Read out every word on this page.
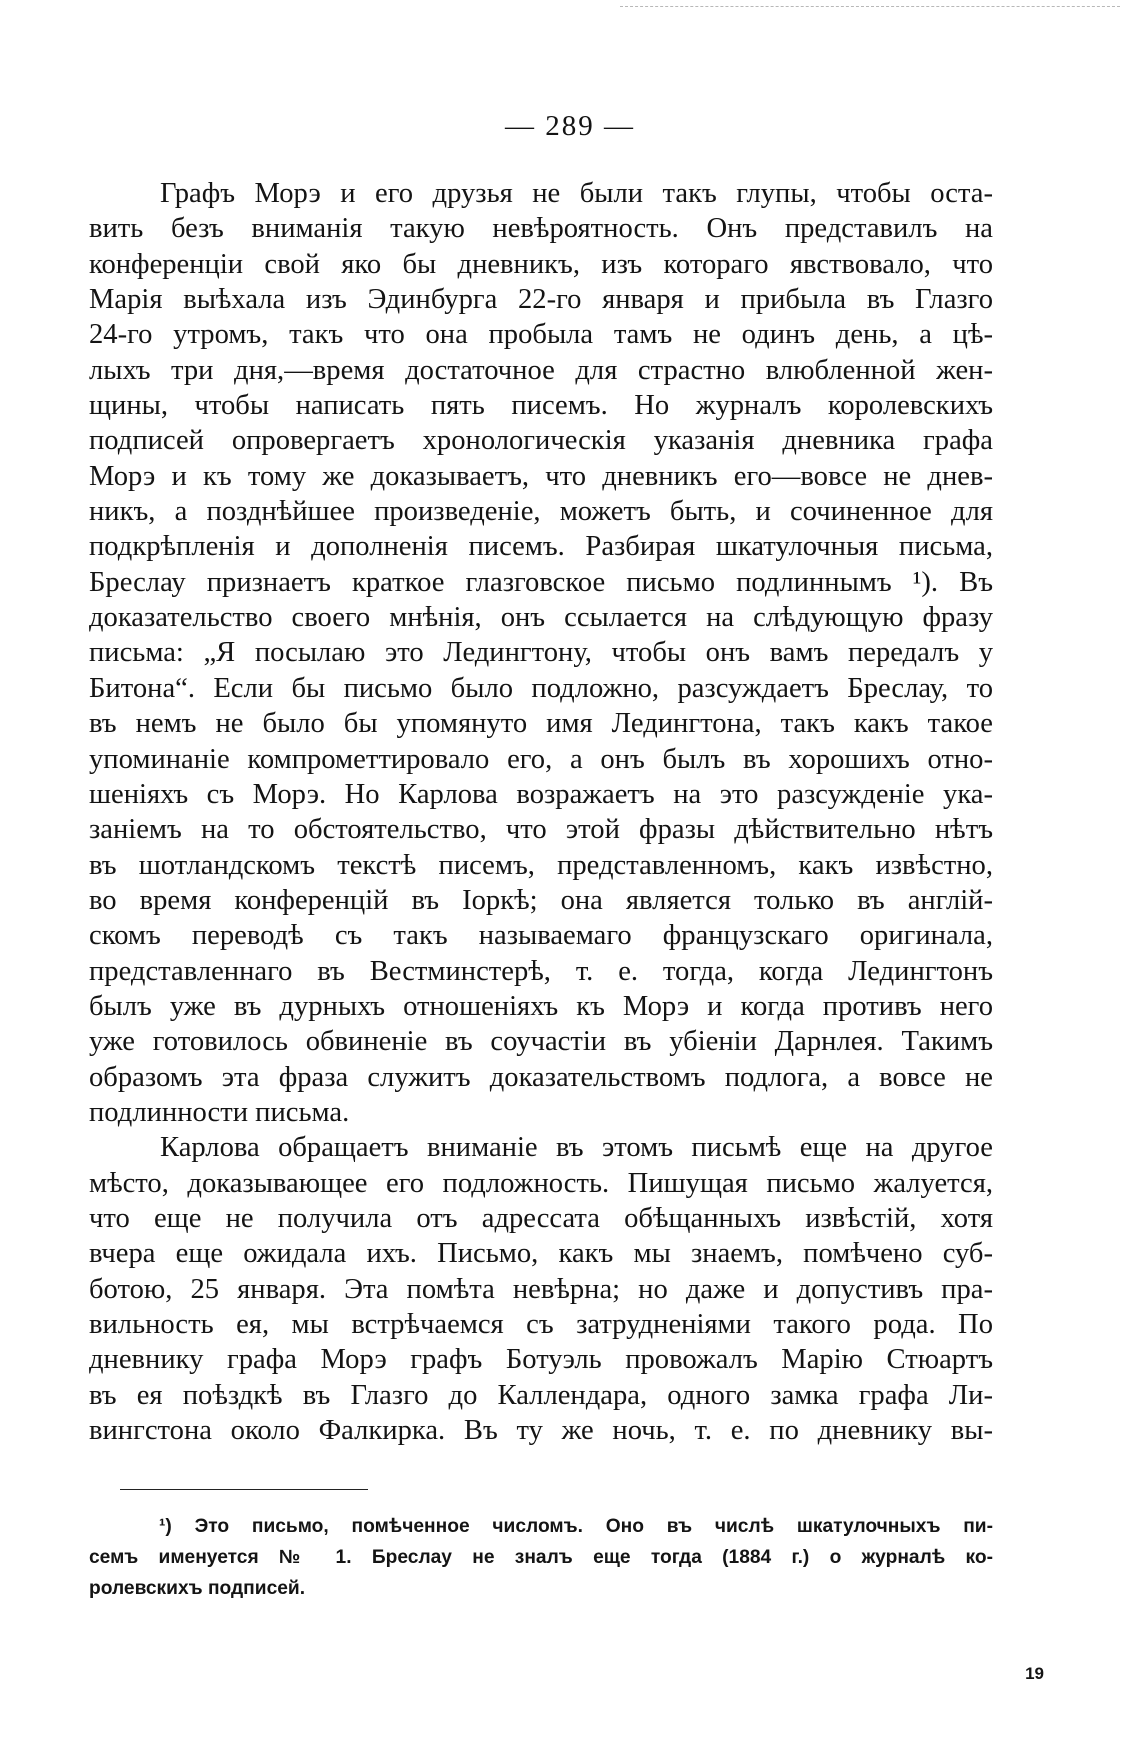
— 289 —
Графъ Морэ и его друзья не были такъ глупы, чтобы оста-
вить безъ вниманія такую невѣроятность. Онъ представилъ на
конференціи свой яко бы дневникъ, изъ котораго явствовало, что
Марія выѣхала изъ Эдинбурга 22-го января и прибыла въ Глазго
24-го утромъ, такъ что она пробыла тамъ не одинъ день, а цѣ-
лыхъ три дня,—время достаточное для страстно влюбленной жен-
щины, чтобы написать пять писемъ. Но журналъ королевскихъ
подписей опровергаетъ хронологическія указанія дневника графа
Морэ и къ тому же доказываетъ, что дневникъ его—вовсе не днев-
никъ, а позднѣйшее произведеніе, можетъ быть, и сочиненное для
подкрѣпленія и дополненія писемъ. Разбирая шкатулочныя письма,
Бреслау признаетъ краткое глазговское письмо подлиннымъ ¹). Въ
доказательство своего мнѣнія, онъ ссылается на слѣдующую фразу
письма: „Я посылаю это Ледингтону, чтобы онъ вамъ передалъ у
Битона“. Если бы письмо было подложно, разсуждаетъ Бреслау, то
въ немъ не было бы упомянуто имя Ледингтона, такъ какъ такое
упоминаніе компрометтировало его, а онъ былъ въ хорошихъ отно-
шеніяхъ съ Морэ. Но Карлова возражаетъ на это разсужденіе ука-
заніемъ на то обстоятельство, что этой фразы дѣйствительно нѣтъ
въ шотландскомъ текстѣ писемъ, представленномъ, какъ извѣстно,
во время конференцій въ Іоркѣ; она является только въ англій-
скомъ переводѣ съ такъ называемаго французскаго оригинала,
представленнаго въ Вестминстерѣ, т. е. тогда, когда Ледингтонъ
былъ уже въ дурныхъ отношеніяхъ къ Морэ и когда противъ него
уже готовилось обвиненіе въ соучастіи въ убіеніи Дарнлея. Такимъ
образомъ эта фраза служитъ доказательствомъ подлога, а вовсе не
подлинности письма.
Карлова обращаетъ вниманіе въ этомъ письмѣ еще на другое
мѣсто, доказывающее его подложность. Пишущая письмо жалуется,
что еще не получила отъ адрессата обѣщанныхъ извѣстій, хотя
вчера еще ожидала ихъ. Письмо, какъ мы знаемъ, помѣчено суб-
ботою, 25 января. Эта помѣта невѣрна; но даже и допустивъ пра-
вильность ея, мы встрѣчаемся съ затрудненіями такого рода. По
дневнику графа Морэ графъ Ботуэль провожалъ Марію Стюартъ
въ ея поѣздкѣ въ Глазго до Каллендара, одного замка графа Ли-
вингстона около Фалкирка. Въ ту же ночь, т. е. по дневнику вы-
¹) Это письмо, помѣченное числомъ. Оно въ числѣ шкатулочныхъ пи-
семъ именуется № 1. Бреслау не зналъ еще тогда (1884 г.) о журналѣ ко-
ролевскихъ подписей.
19
